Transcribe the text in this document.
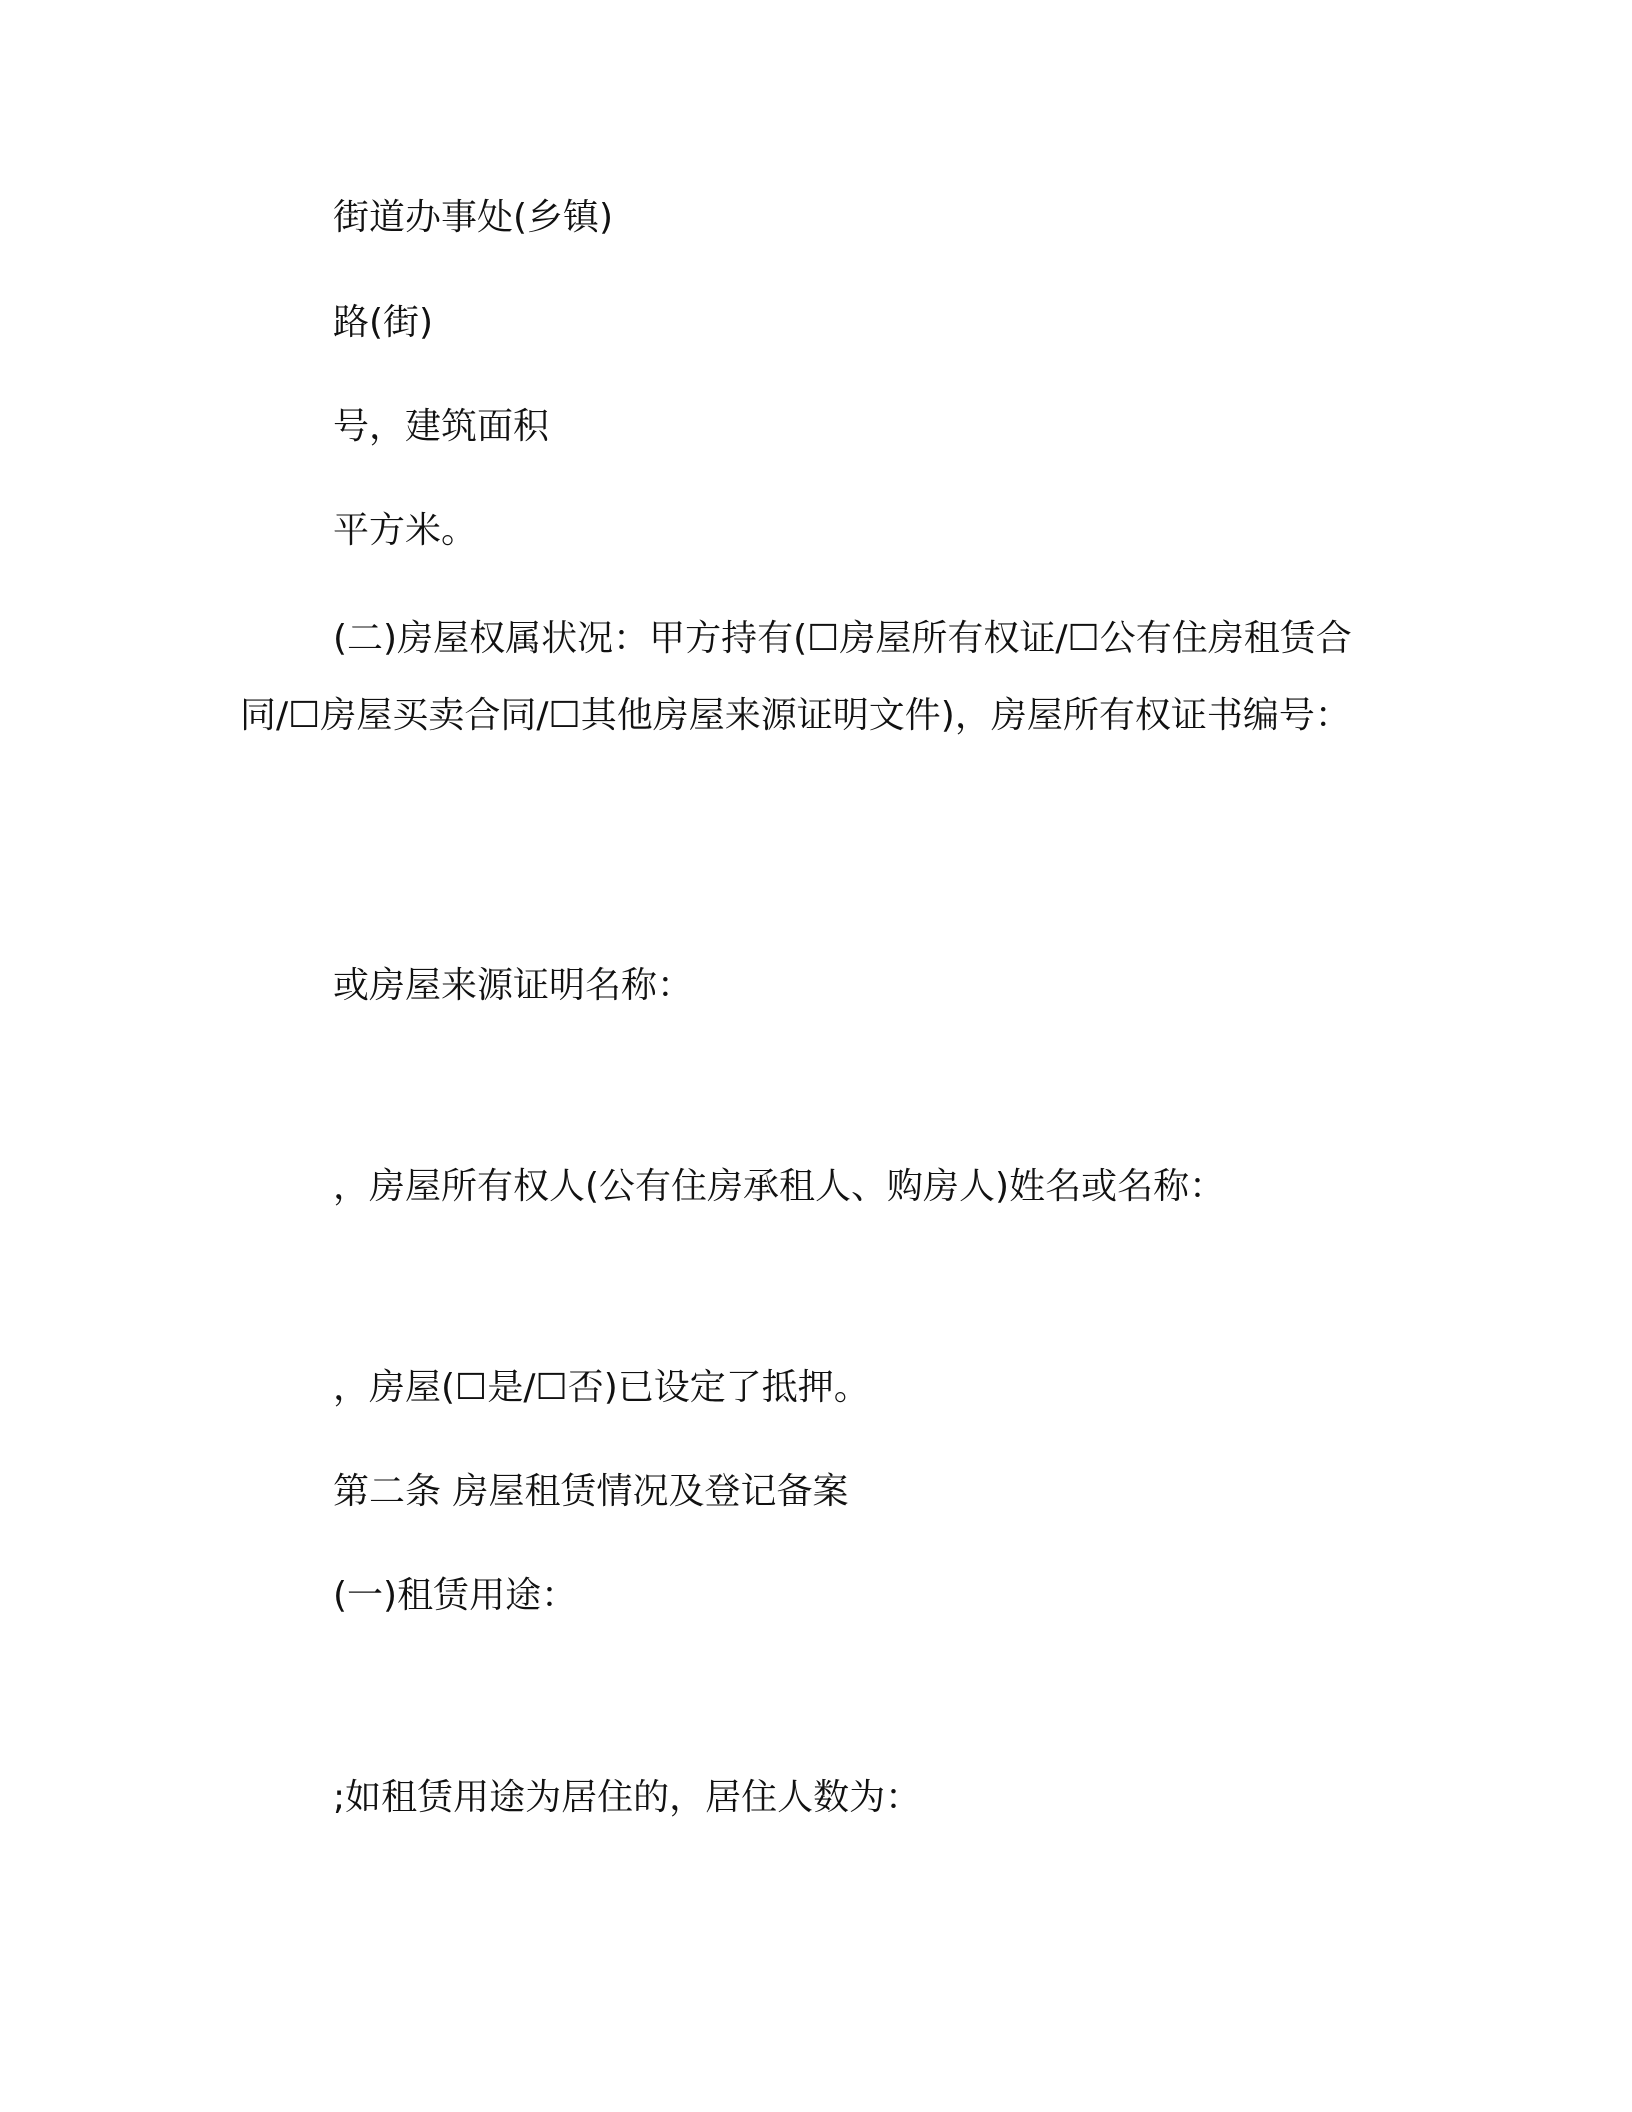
街道办事处(乡镇)
路(街)
号，建筑面积
平方米。
(二)房屋权属状况：甲方持有(☐房屋所有权证/☐公有住房租赁合同/☐房屋买卖合同/☐其他房屋来源证明文件)，房屋所有权证书编号：
或房屋来源证明名称：
，房屋所有权人(公有住房承租人、购房人)姓名或名称：
，房屋(☐是/☐否)已设定了抵押。
第二条 房屋租赁情况及登记备案
(一)租赁用途：
;如租赁用途为居住的，居住人数为：
